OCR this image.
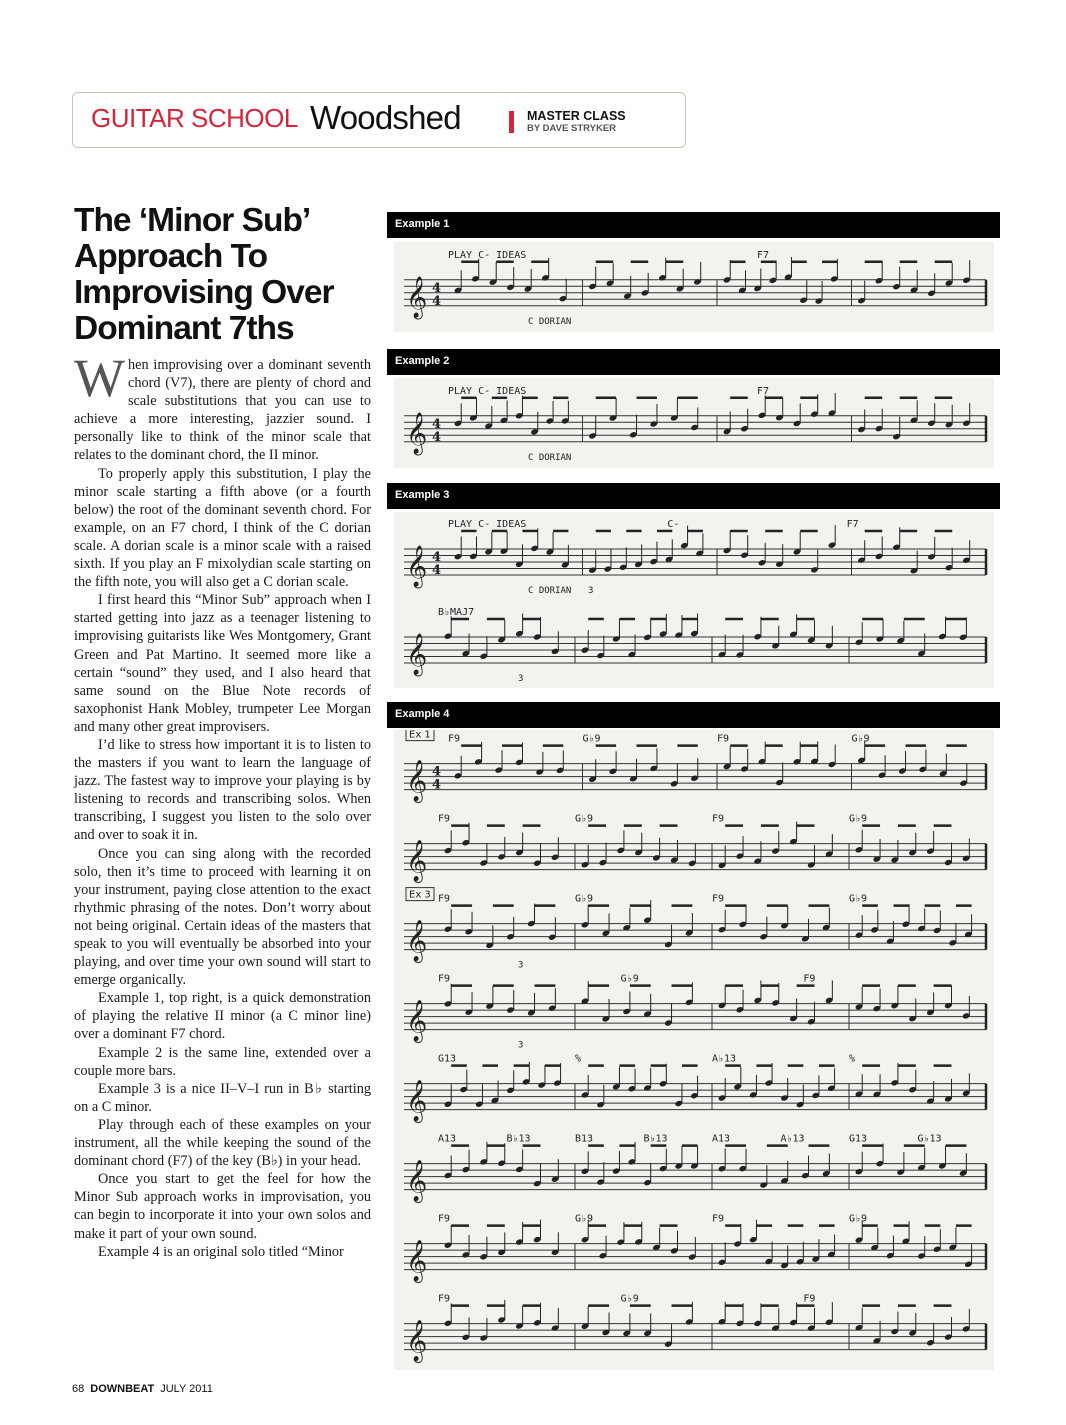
GUITAR SCHOOL Woodshed	MASTER CLASS
BY DAVE STRYKER
The ‘Minor Sub’ Approach To Improvising Over Dominant 7ths

When improvising over a dominant seventh chord (V7), there are plenty of chord and scale substitutions that you can use to achieve a more interesting, jazzier sound. I personally like to think of the minor scale that relates to the dominant chord, the II minor.

To properly apply this substitution, I play the minor scale starting a fifth above (or a fourth below) the root of the dominant seventh chord. For example, on an F7 chord, I think of the C dorian scale. A dorian scale is a minor scale with a raised sixth. If you play an F mixolydian scale starting on the fifth note, you will also get a C dorian scale.

I first heard this “Minor Sub” approach when I started getting into jazz as a teenager listening to improvising guitarists like Wes Montgomery, Grant Green and Pat Martino. It seemed more like a certain “sound” they used, and I also heard that same sound on the Blue Note records of saxophonist Hank Mobley, trumpeter Lee Morgan and many other great improvisers.

I’d like to stress how important it is to listen to the masters if you want to learn the language of jazz. The fastest way to improve your playing is by listening to records and transcribing solos. When transcribing, I suggest you listen to the solo over and over to soak it in.

Once you can sing along with the recorded solo, then it’s time to proceed with learning it on your instrument, paying close attention to the exact rhythmic phrasing of the notes. Don’t worry about not being original. Certain ideas of the masters that speak to you will eventually be absorbed into your playing, and over time your own sound will start to emerge organically.

Example 1, top right, is a quick demonstration of playing the relative II minor (a C minor line) over a dominant F7 chord.

Example 2 is the same line, extended over a couple more bars.

Example 3 is a nice II–V–I run in B♭ starting on a C minor.

Play through each of these examples on your instrument, all the while keeping the sound of the dominant chord (F7) of the key (B♭) in your head.

Once you start to get the feel for how the Minor Sub approach works in improvisation, you can begin to incorporate it into your own solos and make it part of your own sound.

Example 4 is an original solo titled “Minor

Example 1
𝄞 4
4
PLAY C- IDEAS	F7
C DORIAN
Example 2
𝄞 4
4
PLAY C- IDEAS	F7
C DORIAN
Example 3
𝄞 4
4
PLAY C- IDEAS	C-	F7
C DORIAN 3
𝄞
B♭MAJ7
3
Example 4
𝄞 4
4
Ex 1 F9	G♭9	F9	G♭9
𝄞
F9	G♭9	F9	G♭9
𝄞
Ex 3 F9	G♭9	F9	G♭9
3
𝄞
F9	G♭9	F9
3
𝄞
G13	%	A♭13	%
𝄞
A13	B♭13	B13	B♭13	A13	A♭13	G13	G♭13
𝄞
F9	G♭9	F9	G♭9
𝄞
F9	G♭9	F9
68 DOWNBEAT JULY 2011
